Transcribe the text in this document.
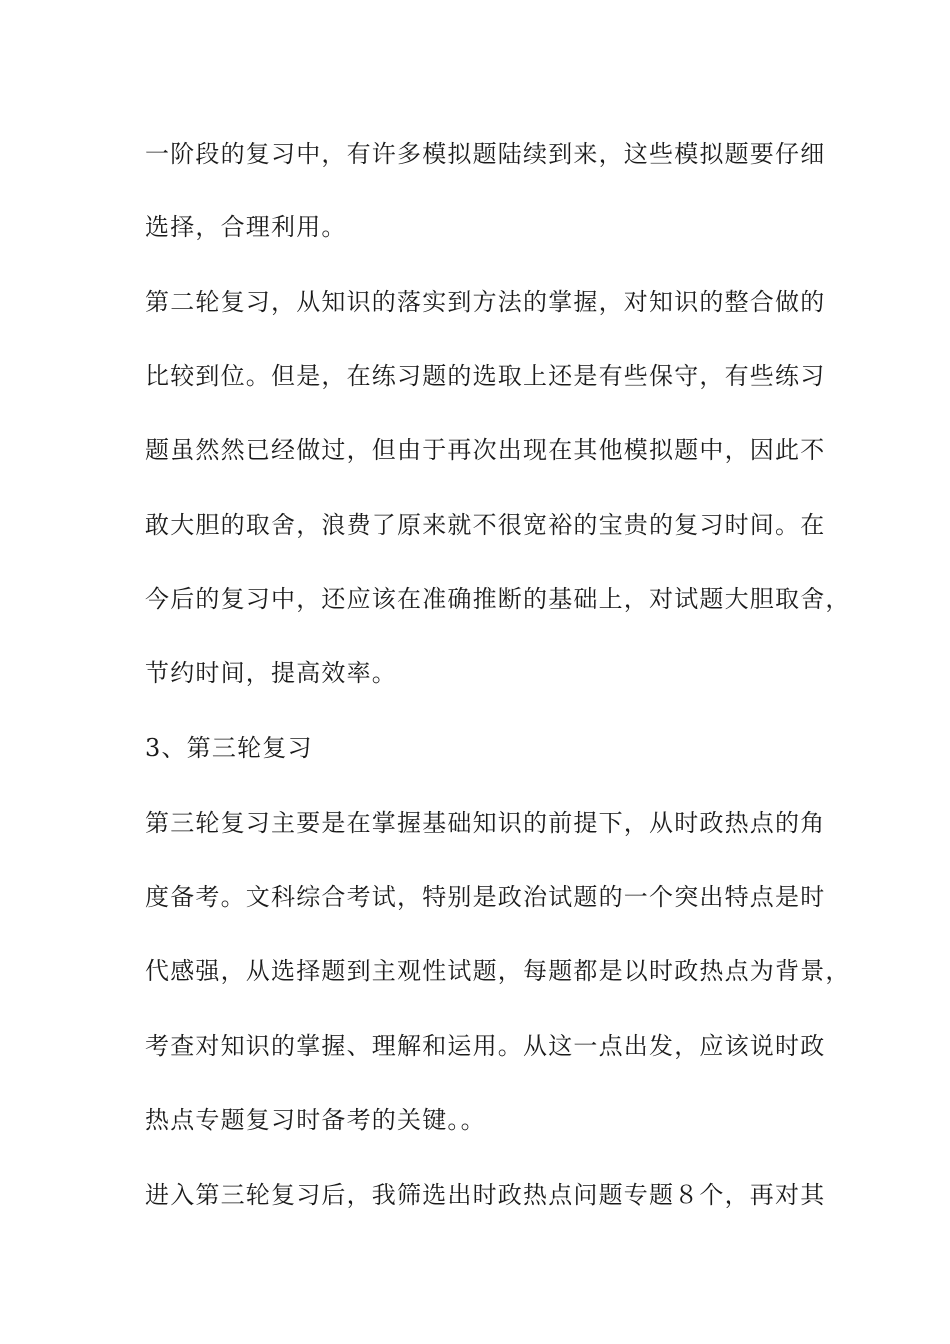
一阶段的复习中，有许多模拟题陆续到来，这些模拟题要仔细
选择，合理利用。
第二轮复习，从知识的落实到方法的掌握，对知识的整合做的
比较到位。但是，在练习题的选取上还是有些保守，有些练习
题虽然然已经做过，但由于再次出现在其他模拟题中，因此不
敢大胆的取舍，浪费了原来就不很宽裕的宝贵的复习时间。在
今后的复习中，还应该在准确推断的基础上，对试题大胆取舍，
节约时间，提高效率。
3、第三轮复习
第三轮复习主要是在掌握基础知识的前提下，从时政热点的角
度备考。文科综合考试，特别是政治试题的一个突出特点是时
代感强，从选择题到主观性试题，每题都是以时政热点为背景，
考查对知识的掌握、理解和运用。从这一点出发，应该说时政
热点专题复习时备考的关键。。
进入第三轮复习后，我筛选出时政热点问题专题８个，再对其
